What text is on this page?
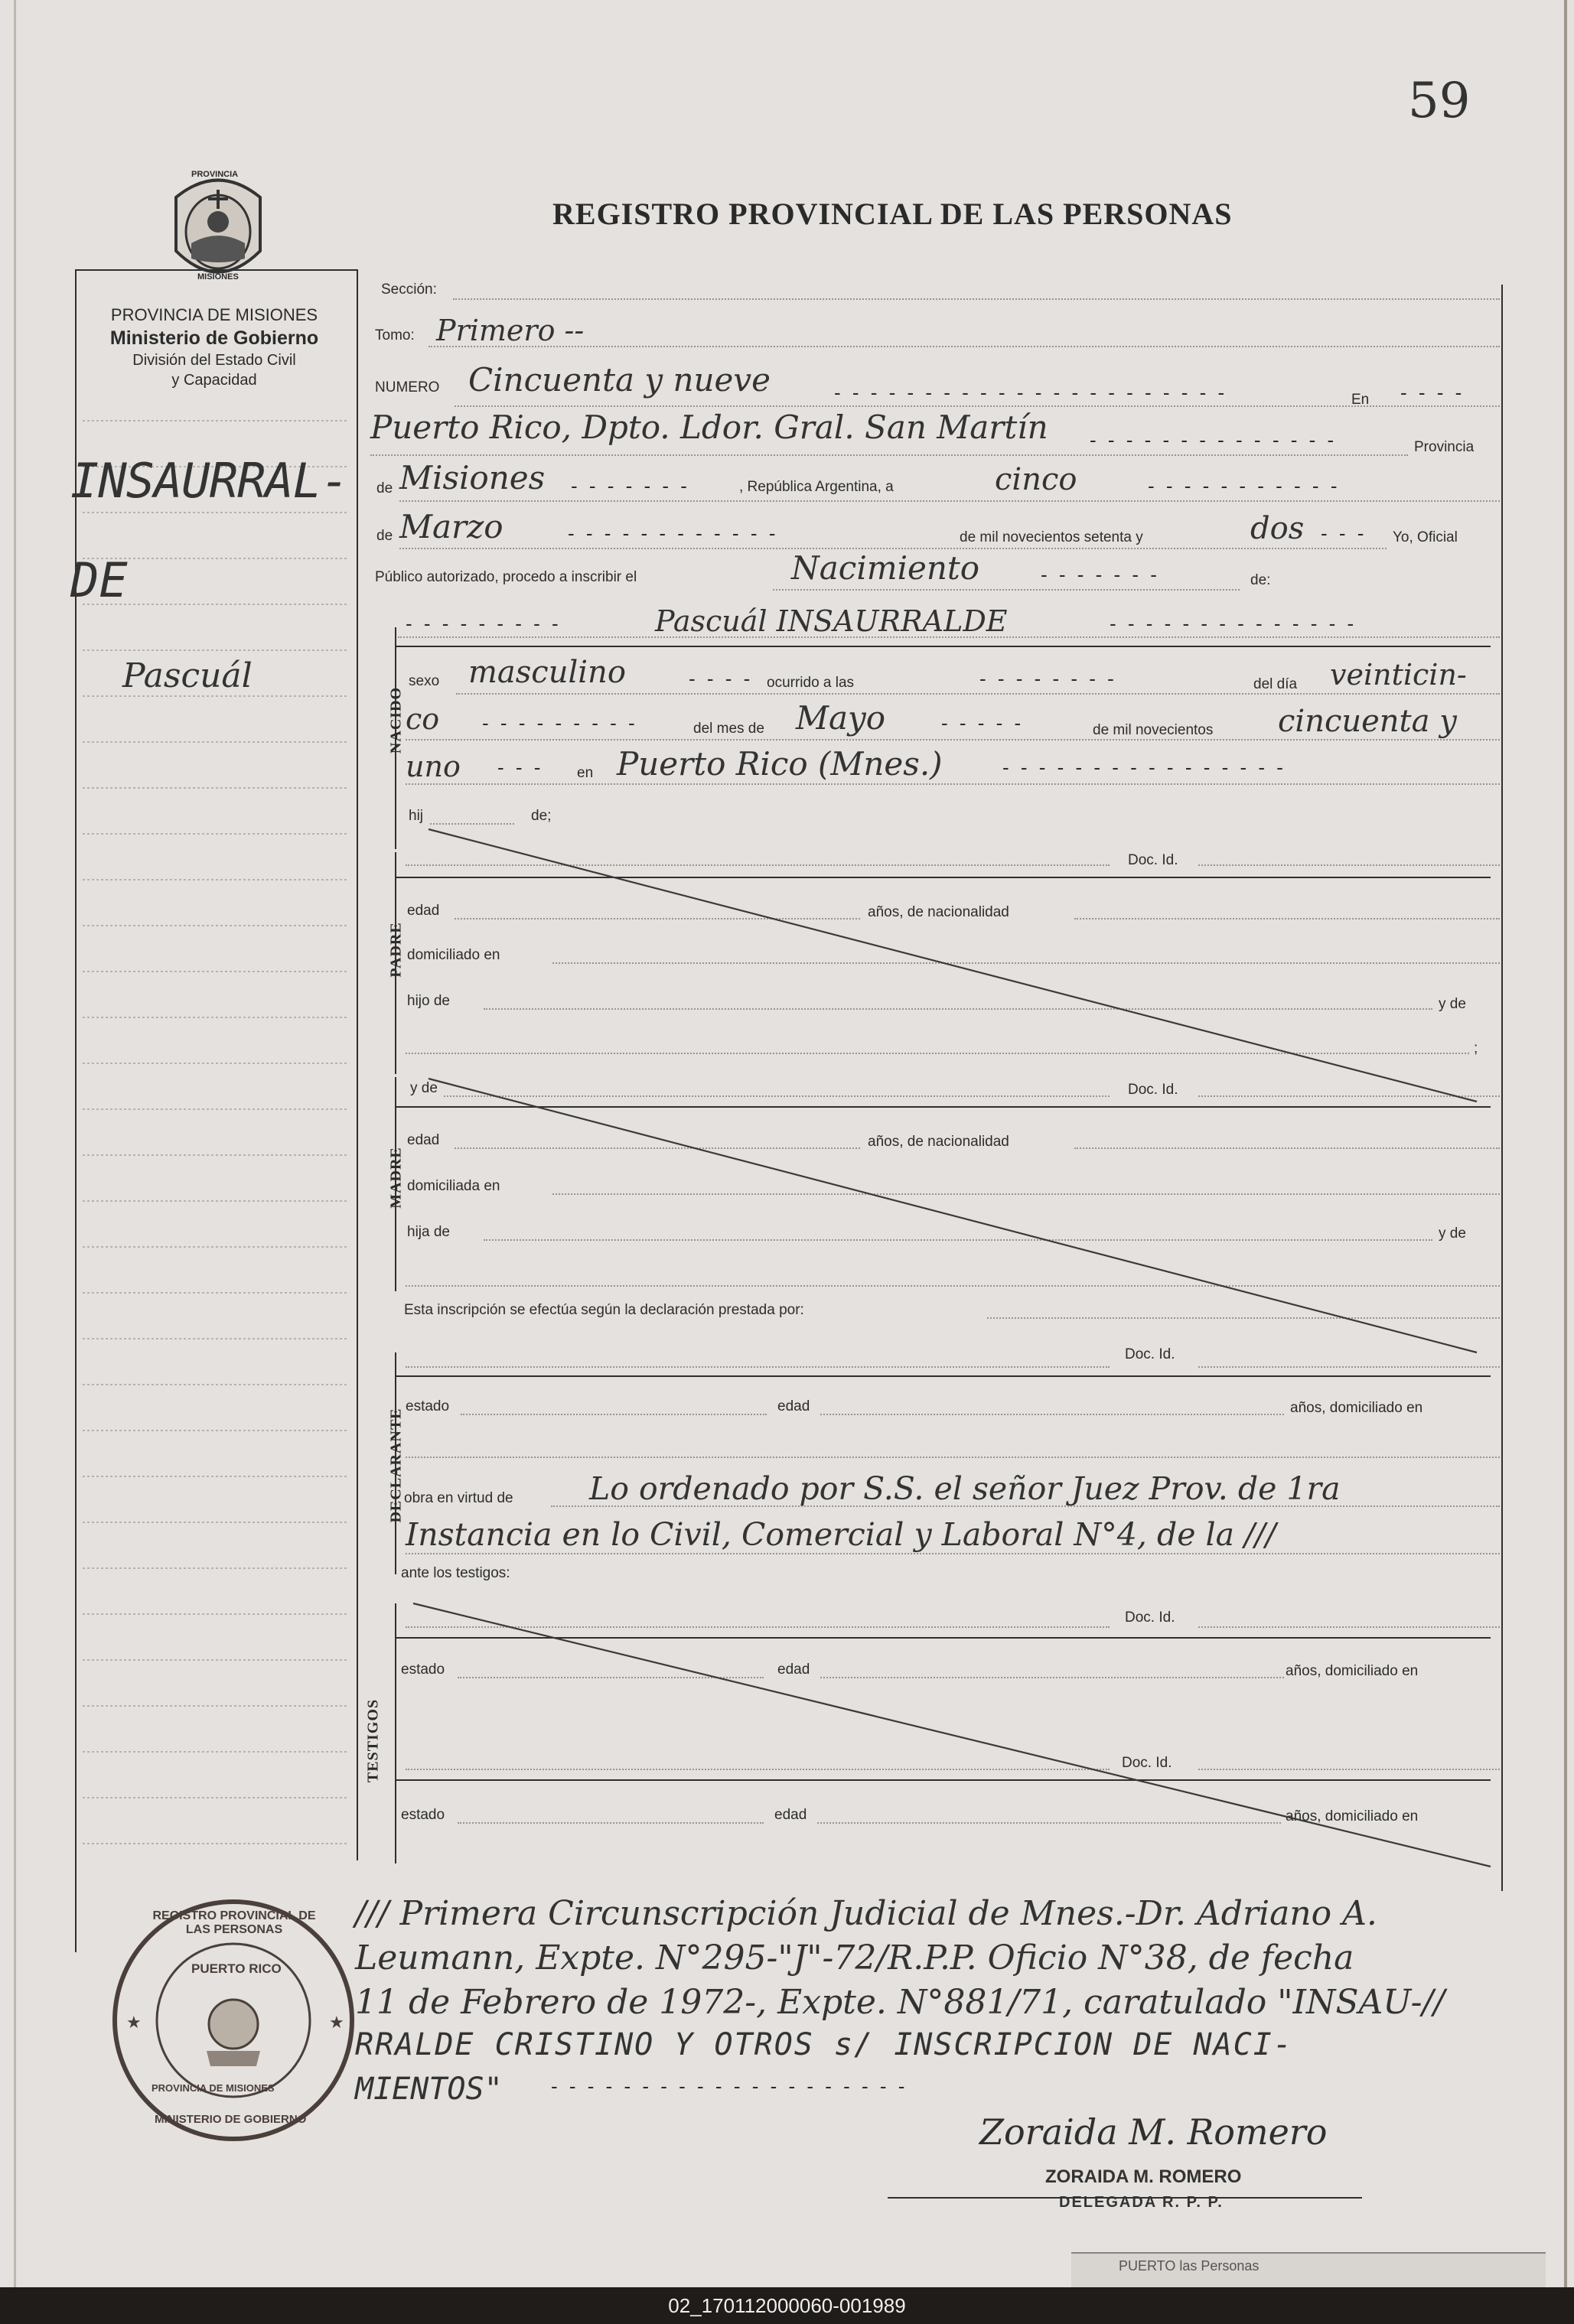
59
PROVINCIA
MISIONES
REGISTRO PROVINCIAL DE LAS PERSONAS
PROVINCIA DE MISIONES
Ministerio de Gobierno
División del Estado Civil
y Capacidad
INSAURRAL-
DE
Pascuál
Sección:
Tomo: Primero --
NUMERO Cincuenta y nueve	- - - - - - - - - - - - - - - - - - - - - -	En - - - -
Puerto Rico, Dpto. Ldor. Gral. San Martín - - - - - - - - - - - - - -	Provincia
de Misiones - - - - - - -	, República Argentina, a	cinco	- - - - - - - - - - -
de Marzo	- - - - - - - - - - - -	de mil novecientos setenta y	dos - - - Yo, Oficial
Público autorizado, procedo a inscribir el	Nacimiento	- - - - - - -	de:
- - - - - - - - -	Pascuál INSAURRALDE	- - - - - - - - - - - - - -
NACIDO
sexo masculino	- - - - ocurrido a las	- - - - - - - -	del día veinticin-
co - - - - - - - - -	del mes de Mayo	- - - - -	de mil novecientos cincuenta y
uno - - - en Puerto Rico (Mnes.)	- - - - - - - - - - - - - - - -
hij	de;
PADRE
Doc. Id.
edad	años, de nacionalidad
domiciliado en
hijo de	y de
;
MADRE
y de	Doc. Id.
edad	años, de nacionalidad
domiciliada en
hija de	y de
Esta inscripción se efectúa según la declaración prestada por:
DECLARANTE
Doc. Id.
estado	edad	años, domiciliado en
obra en virtud de Lo ordenado por S.S. el señor Juez Prov. de 1ra
Instancia en lo Civil, Comercial y Laboral N°4, de la ///
ante los testigos:
TESTIGOS
Doc. Id.
estado	edad	años, domiciliado en
Doc. Id.
estado	edad	años, domiciliado en
/// Primera Circunscripción Judicial de Mnes.-Dr. Adriano A.
Leumann, Expte. N°295-"J"-72/R.P.P. Oficio N°38, de fecha
11 de Febrero de 1972-, Expte. N°881/71, caratulado "INSAU-//
RRALDE CRISTINO Y OTROS s/ INSCRIPCION DE NACI-
MIENTOS" - - - - - - - - - - - - - - - - - - - -
★	★
REGISTRO PROVINCIAL DE LAS PERSONAS
PUERTO RICO
PROVINCIA DE MISIONES
MINISTERIO DE GOBIERNO	Zoraida M. Romero
ZORAIDA M. ROMERO
DELEGADA R. P. P.
PUERTO las Personas
02_170112000060-001989
